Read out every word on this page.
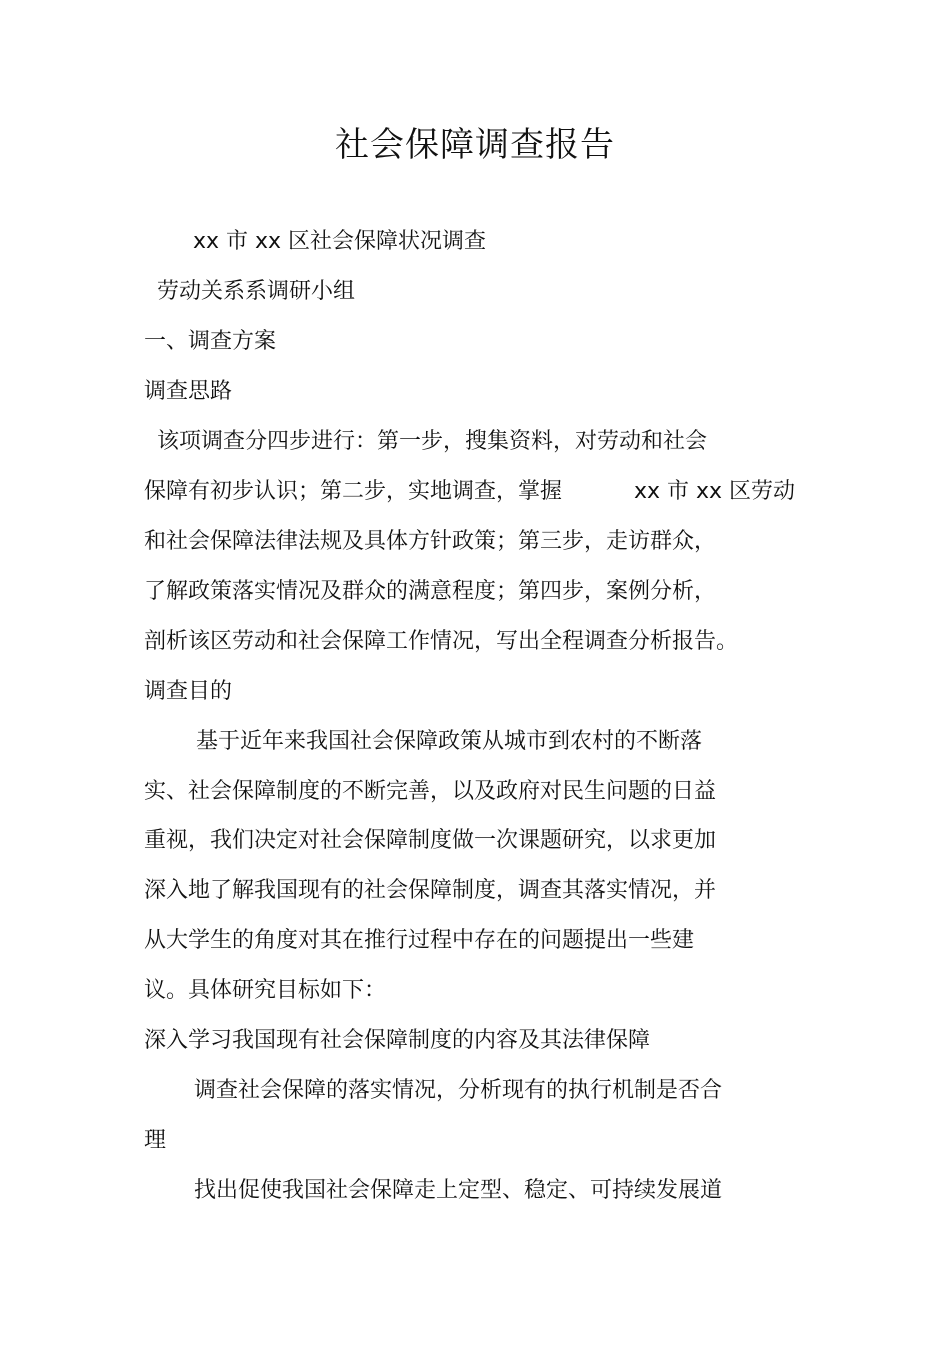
社会保障调查报告
xx 市 xx 区社会保障状况调查
劳动关系系调研小组
一、调查方案
调查思路
该项调查分四步进行：第一步，搜集资料，对劳动和社会
保障有初步认识；第二步，实地调查，掌握	xx 市 xx 区劳动
和社会保障法律法规及具体方针政策；第三步，走访群众，
了解政策落实情况及群众的满意程度；第四步，案例分析，
剖析该区劳动和社会保障工作情况，写出全程调查分析报告。
调查目的
基于近年来我国社会保障政策从城市到农村的不断落
实、社会保障制度的不断完善，以及政府对民生问题的日益
重视，我们决定对社会保障制度做一次课题研究，以求更加
深入地了解我国现有的社会保障制度，调查其落实情况，并
从大学生的角度对其在推行过程中存在的问题提出一些建
议。具体研究目标如下：
深入学习我国现有社会保障制度的内容及其法律保障
调查社会保障的落实情况，分析现有的执行机制是否合
理
找出促使我国社会保障走上定型、稳定、可持续发展道
